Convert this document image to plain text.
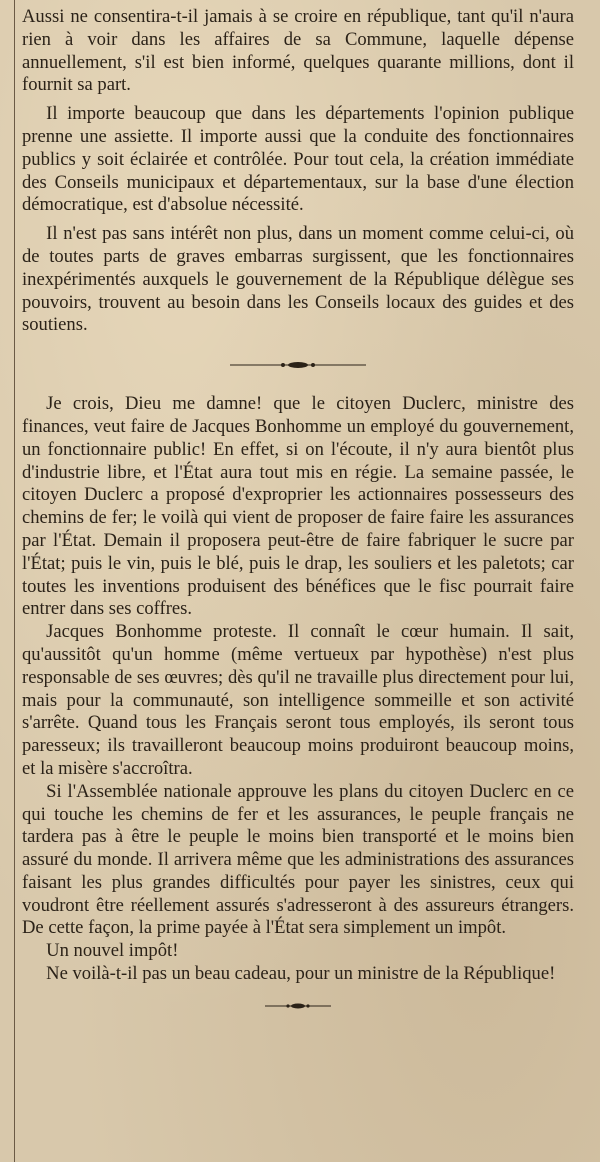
Aussi ne consentira-t-il jamais à se croire en république, tant qu'il n'aura rien à voir dans les affaires de sa Commune, laquelle dépense annuellement, s'il est bien informé, quelques quarante millions, dont il fournit sa part.

Il importe beaucoup que dans les départements l'opinion publique prenne une assiette. Il importe aussi que la conduite des fonctionnaires publics y soit éclairée et contrôlée. Pour tout cela, la création immédiate des Conseils municipaux et départementaux, sur la base d'une élection démocratique, est d'absolue nécessité.

Il n'est pas sans intérêt non plus, dans un moment comme celui-ci, où de toutes parts de graves embarras surgissent, que les fonctionnaires inexpérimentés auxquels le gouvernement de la République délègue ses pouvoirs, trouvent au besoin dans les Conseils locaux des guides et des soutiens.

Je crois, Dieu me damne! que le citoyen Duclerc, ministre des finances, veut faire de Jacques Bonhomme un employé du gouvernement, un fonctionnaire public! En effet, si on l'écoute, il n'y aura bientôt plus d'industrie libre, et l'État aura tout mis en régie. La semaine passée, le citoyen Duclerc a proposé d'exproprier les actionnaires possesseurs des chemins de fer; le voilà qui vient de proposer de faire faire les assurances par l'État. Demain il proposera peut-être de faire fabriquer le sucre par l'État; puis le vin, puis le blé, puis le drap, les souliers et les paletots; car toutes les inventions produisent des bénéfices que le fisc pourrait faire entrer dans ses coffres.

Jacques Bonhomme proteste. Il connaît le cœur humain. Il sait, qu'aussitôt qu'un homme (même vertueux par hypothèse) n'est plus responsable de ses œuvres; dès qu'il ne travaille plus directement pour lui, mais pour la communauté, son intelligence sommeille et son activité s'arrête. Quand tous les Français seront tous employés, ils seront tous paresseux; ils travailleront beaucoup moins produiront beaucoup moins, et la misère s'accroîtra.

Si l'Assemblée nationale approuve les plans du citoyen Duclerc en ce qui touche les chemins de fer et les assurances, le peuple français ne tardera pas à être le peuple le moins bien transporté et le moins bien assuré du monde. Il arrivera même que les administrations des assurances faisant les plus grandes difficultés pour payer les sinistres, ceux qui voudront être réellement assurés s'adresseront à des assureurs étrangers. De cette façon, la prime payée à l'État sera simplement un impôt.

Un nouvel impôt!

Ne voilà-t-il pas un beau cadeau, pour un ministre de la République!
